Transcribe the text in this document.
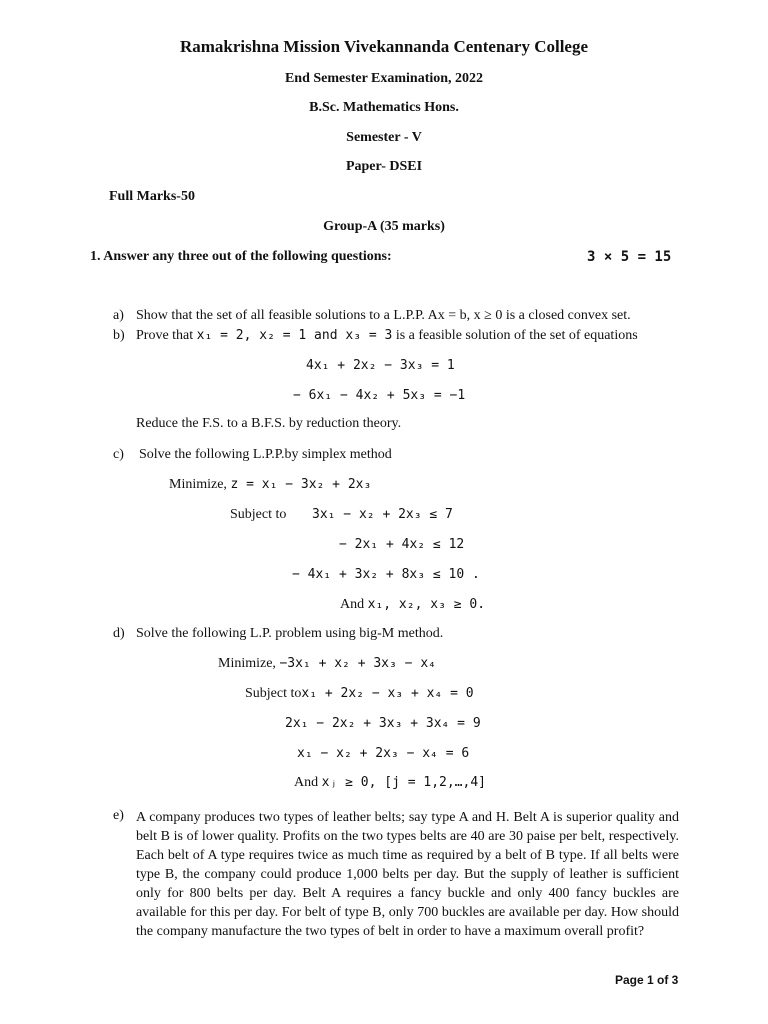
Ramakrishna Mission Vivekannanda Centenary College
End Semester Examination, 2022
B.Sc. Mathematics Hons.
Semester - V
Paper- DSEI
Full Marks-50
Group-A (35 marks)
1. Answer any three out of the following questions:	3 × 5 = 15
a) Show that the set of all feasible solutions to a L.P.P. Ax = b, x ≥ 0 is a closed convex set.
b) Prove that x₁ = 2, x₂ = 1 and x₃ = 3 is a feasible solution of the set of equations
4x₁ + 2x₂ − 3x₃ = 1
− 6x₁ − 4x₂ + 5x₃ = −1
Reduce the F.S. to a B.F.S. by reduction theory.
c) Solve the following L.P.P.by simplex method
Minimize, z = x₁ − 3x₂ + 2x₃
Subject to 3x₁ − x₂ + 2x₃ ≤ 7
− 2x₁ + 4x₂ ≤ 12
− 4x₁ + 3x₂ + 8x₃ ≤ 10 .
And x₁, x₂, x₃ ≥ 0.
d) Solve the following L.P. problem using big-M method.
Minimize, −3x₁ + x₂ + 3x₃ − x₄
Subject tox₁ + 2x₂ − x₃ + x₄ = 0
2x₁ − 2x₂ + 3x₃ + 3x₄ = 9
x₁ − x₂ + 2x₃ − x₄ = 6
And xⱼ ≥ 0, [j = 1,2,…,4]
e) A company produces two types of leather belts; say type A and H. Belt A is superior quality and belt B is of lower quality. Profits on the two types belts are 40 are 30 paise per belt, respectively. Each belt of A type requires twice as much time as required by a belt of B type. If all belts were type B, the company could produce 1,000 belts per day. But the supply of leather is sufficient only for 800 belts per day. Belt A requires a fancy buckle and only 400 fancy buckles are available for this per day. For belt of type B, only 700 buckles are available per day. How should the company manufacture the two types of belt in order to have a maximum overall profit?
Page 1 of 3
